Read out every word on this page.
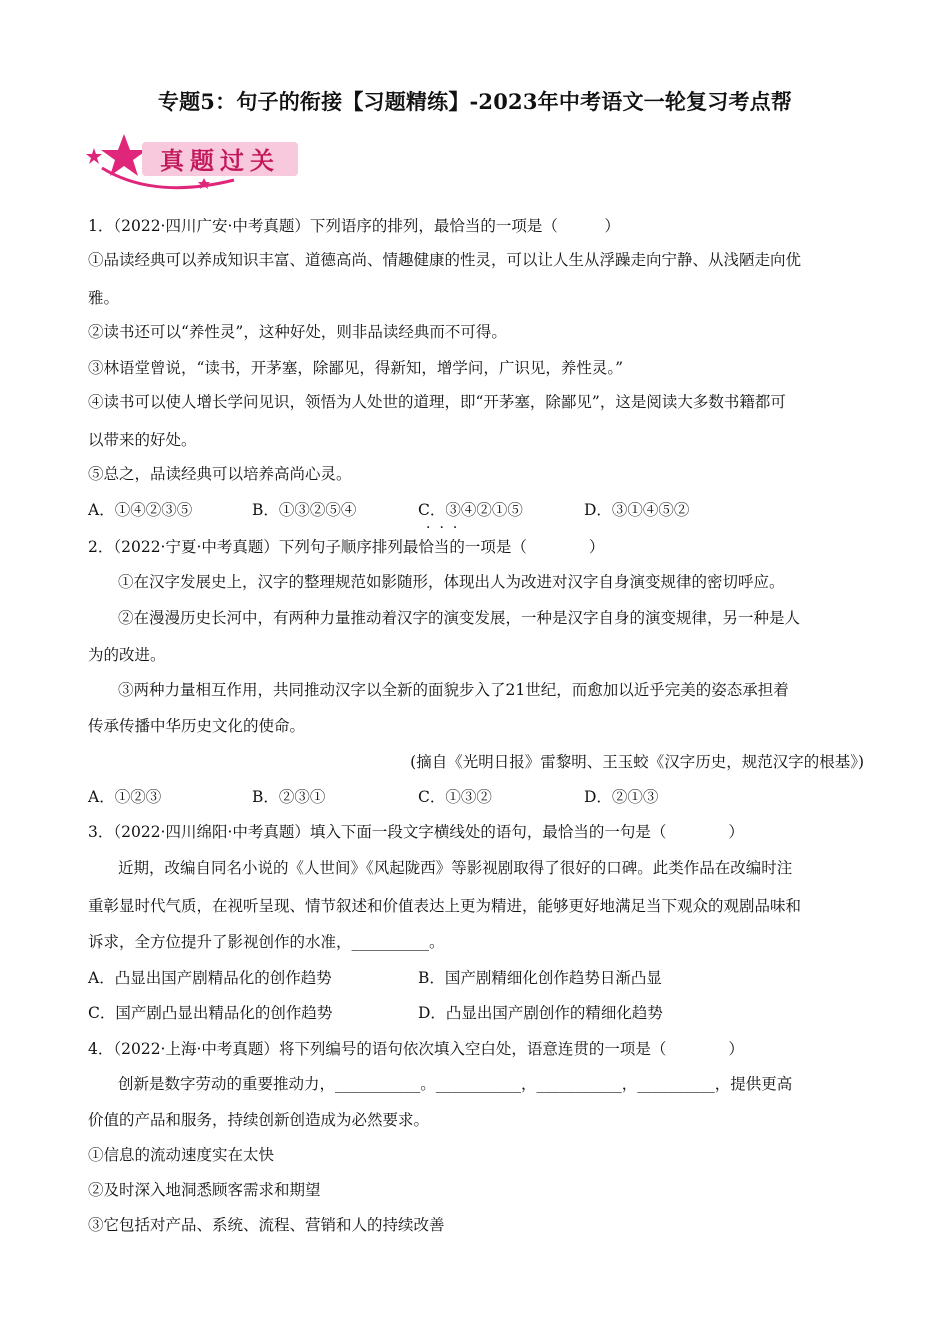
专题5：句子的衔接【习题精练】-2023年中考语文一轮复习考点帮
真题过关
1．（2022·四川广安·中考真题）下列语序的排列，最恰当的一项是（　　　）
①品读经典可以养成知识丰富、道德高尚、情趣健康的性灵，可以让人生从浮躁走向宁静、从浅陋走向优
雅。
②读书还可以“养性灵”，这种好处，则非品读经典而不可得。
③林语堂曾说，“读书，开茅塞，除鄙见，得新知，增学问，广识见，养性灵。”
④读书可以使人增长学问见识，领悟为人处世的道理，即“开茅塞，除鄙见”，这是阅读大多数书籍都可
以带来的好处。
⑤总之，品读经典可以培养高尚心灵。
A．①④②③⑤	B．①③②⑤④	C．③④②①⑤	D．③①④⑤②
···
2．（2022·宁夏·中考真题）下列句子顺序排列最恰当的一项是（　　　　）
①在汉字发展史上，汉字的整理规范如影随形，体现出人为改进对汉字自身演变规律的密切呼应。
②在漫漫历史长河中，有两种力量推动着汉字的演变发展，一种是汉字自身的演变规律，另一种是人
为的改进。
③两种力量相互作用，共同推动汉字以全新的面貌步入了21世纪，而愈加以近乎完美的姿态承担着
传承传播中华历史文化的使命。
(摘自《光明日报》雷黎明、王玉蛟《汉字历史，规范汉字的根基》)
A．①②③	B．②③①	C．①③②	D．②①③
3．（2022·四川绵阳·中考真题）填入下面一段文字横线处的语句，最恰当的一句是（　　　　）
近期，改编自同名小说的《人世间》《风起陇西》等影视剧取得了很好的口碑。此类作品在改编时注
重彰显时代气质，在视听呈现、情节叙述和价值表达上更为精进，能够更好地满足当下观众的观剧品味和
诉求，全方位提升了影视创作的水准，__________。
A．凸显出国产剧精品化的创作趋势	B．国产剧精细化创作趋势日渐凸显
C．国产剧凸显出精品化的创作趋势	D．凸显出国产剧创作的精细化趋势
4．（2022·上海·中考真题）将下列编号的语句依次填入空白处，语意连贯的一项是（　　　　）
创新是数字劳动的重要推动力，___________。___________，___________，__________，提供更高
价值的产品和服务，持续创新创造成为必然要求。
①信息的流动速度实在太快
②及时深入地洞悉顾客需求和期望
③它包括对产品、系统、流程、营销和人的持续改善
